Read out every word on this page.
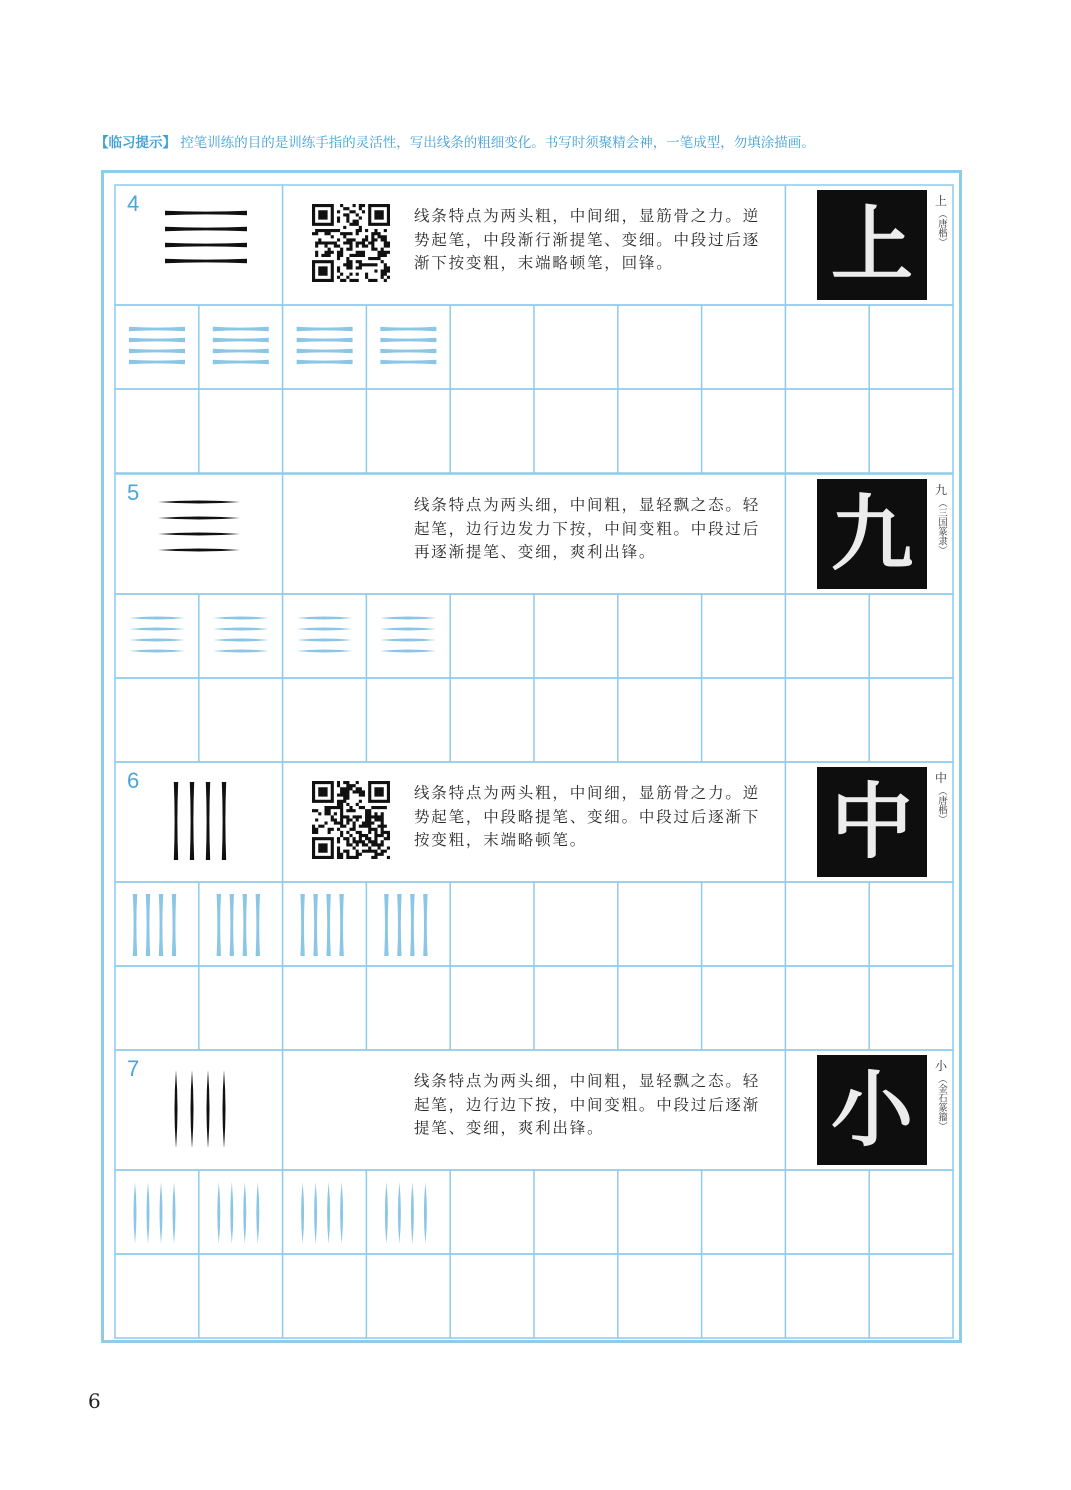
【临习提示】 控笔训练的目的是训练手指的灵活性，写出线条的粗细变化。书写时须聚精会神，一笔成型，勿填涂描画。
4	线条特点为两头粗，中间细，显筋骨之力。逆势起笔，中段渐行渐提笔、变细。中段过后逐渐下按变粗，末端略顿笔，回锋。	上	上
（唐楷）
5	线条特点为两头细，中间粗，显轻飘之态。轻起笔，边行边发力下按，中间变粗。中段过后再逐渐提笔、变细，爽利出锋。	九	九
（三国篆隶）
6	线条特点为两头粗，中间细，显筋骨之力。逆势起笔，中段略提笔、变细。中段过后逐渐下按变粗，末端略顿笔。	中	中
（唐楷）
7	线条特点为两头细，中间粗，显轻飘之态。轻起笔，边行边下按，中间变粗。中段过后逐渐提笔、变细，爽利出锋。	小	小
（金石篆籀）
6
